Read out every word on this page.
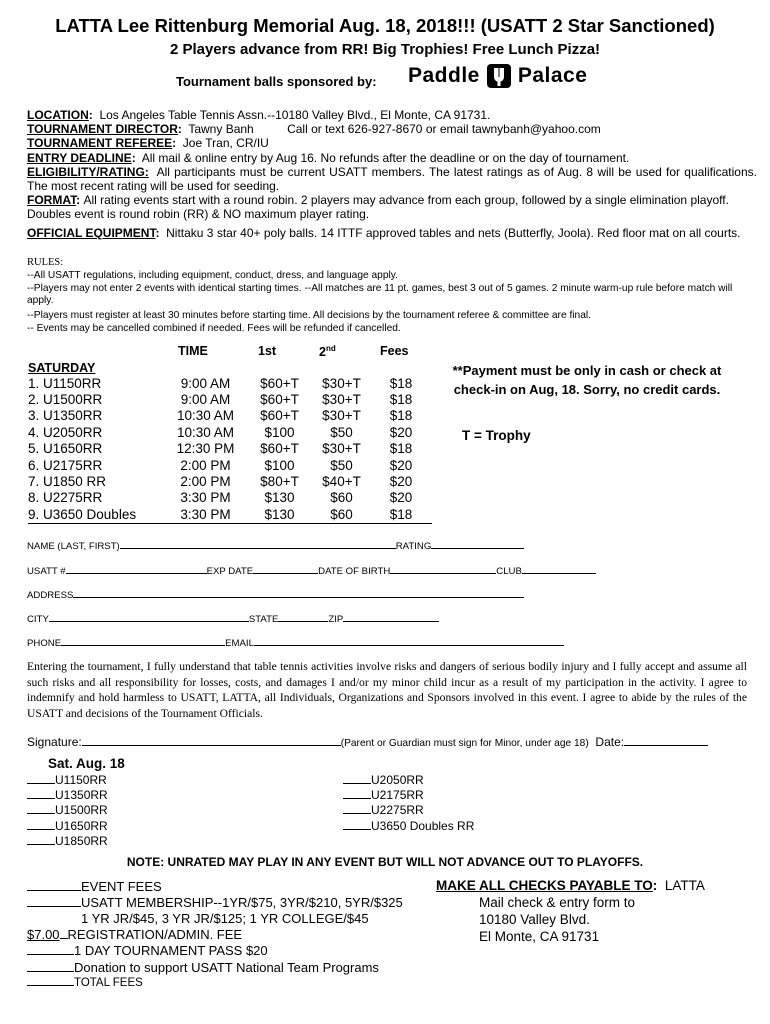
LATTA Lee Rittenburg Memorial Aug. 18, 2018!!! (USATT 2 Star Sanctioned)
2 Players advance from RR! Big Trophies! Free Lunch Pizza!
Tournament balls sponsored by: Paddle Palace
LOCATION: Los Angeles Table Tennis Assn.--10180 Valley Blvd., El Monte, CA 91731.
TOURNAMENT DIRECTOR: Tawny Banh	Call or text 626-927-8670 or email tawnybanh@yahoo.com
TOURNAMENT REFEREE: Joe Tran, CR/IU
ENTRY DEADLINE: All mail & online entry by Aug 16. No refunds after the deadline or on the day of tournament.
ELIGIBILITY/RATING: All participants must be current USATT members. The latest ratings as of Aug. 8 will be used for qualifications. The most recent rating will be used for seeding.
FORMAT: All rating events start with a round robin. 2 players may advance from each group, followed by a single elimination playoff. Doubles event is round robin (RR) & NO maximum player rating.
OFFICIAL EQUIPMENT: Nittaku 3 star 40+ poly balls. 14 ITTF approved tables and nets (Butterfly, Joola). Red floor mat on all courts.
RULES:
--All USATT regulations, including equipment, conduct, dress, and language apply.
--Players may not enter 2 events with identical starting times. --All matches are 11 pt. games, best 3 out of 5 games. 2 minute warm-up rule before match will apply.
--Players must register at least 30 minutes before starting time. All decisions by the tournament referee & committee are final.
-- Events may be cancelled combined if needed. Fees will be refunded if cancelled.
TIME	1st	2nd	Fees
SATURDAY
1. U1150RR	9:00 AM	$60+T	$30+T	$18
2. U1500RR	9:00 AM	$60+T	$30+T	$18
3. U1350RR	10:30 AM	$60+T	$30+T	$18
4. U2050RR	10:30 AM	$100	$50	$20
5. U1650RR	12:30 PM	$60+T	$30+T	$18
6. U2175RR	2:00 PM	$100	$50	$20
7. U1850 RR	2:00 PM	$80+T	$40+T	$20
8. U2275RR	3:30 PM	$130	$60	$20
9. U3650 Doubles	3:30 PM	$130	$60	$18
**Payment must be only in cash or check at check-in on Aug, 18. Sorry, no credit cards.
T = Trophy
NAME (LAST, FIRST)	RATING
USATT #	EXP DATE	DATE OF BIRTH	CLUB
ADDRESS
CITY	STATE	ZIP
PHONE	EMAIL
Entering the tournament, I fully understand that table tennis activities involve risks and dangers of serious bodily injury and I fully accept and assume all such risks and all responsibility for losses, costs, and damages I and/or my minor child incur as a result of my participation in the activity. I agree to indemnify and hold harmless to USATT, LATTA, all Individuals, Organizations and Sponsors involved in this event. I agree to abide by the rules of the USATT and decisions of the Tournament Officials.
Signature:	(Parent or Guardian must sign for Minor, under age 18) Date:
Sat. Aug. 18
U1150RR
U1350RR
U1500RR
U1650RR
U1850RR
U2050RR
U2175RR
U2275RR
U3650 Doubles RR
NOTE: UNRATED MAY PLAY IN ANY EVENT BUT WILL NOT ADVANCE OUT TO PLAYOFFS.
EVENT FEES
USATT MEMBERSHIP--1YR/$75, 3YR/$210, 5YR/$325
1 YR JR/$45, 3 YR JR/$125; 1 YR COLLEGE/$45
$7.00 REGISTRATION/ADMIN. FEE
1 DAY TOURNAMENT PASS $20
Donation to support USATT National Team Programs
TOTAL FEES
MAKE ALL CHECKS PAYABLE TO: LATTA
Mail check & entry form to
10180 Valley Blvd.
El Monte, CA 91731
